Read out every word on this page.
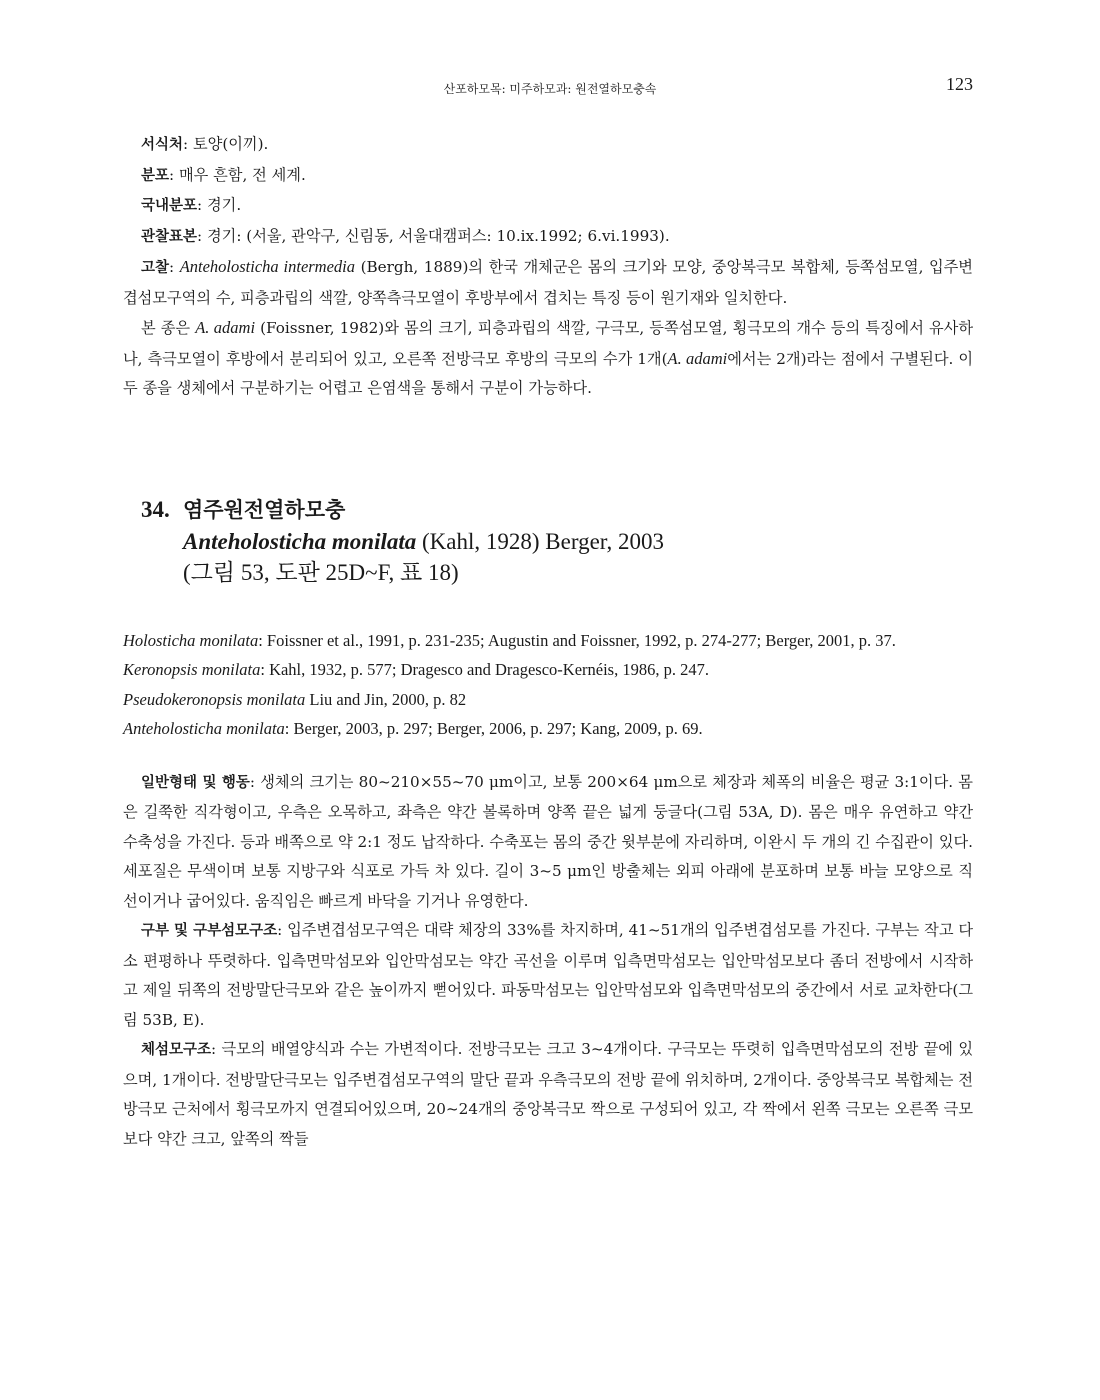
산포하모목: 미주하모과: 원전열하모충속	123

서식처: 토양(이끼).

분포: 매우 흔함, 전 세계.

국내분포: 경기.

관찰표본: 경기: (서울, 관악구, 신림동, 서울대캠퍼스: 10.ix.1992; 6.vi.1993).

고찰: Anteholosticha intermedia (Bergh, 1889)의 한국 개체군은 몸의 크기와 모양, 중앙복극모 복합체, 등쪽섬모열, 입주변겹섬모구역의 수, 피층과립의 색깔, 양쪽측극모열이 후방부에서 겹치는 특징 등이 원기재와 일치한다.

본 종은 A. adami (Foissner, 1982)와 몸의 크기, 피층과립의 색깔, 구극모, 등쪽섬모열, 횡극모의 개수 등의 특징에서 유사하나, 측극모열이 후방에서 분리되어 있고, 오른쪽 전방극모 후방의 극모의 수가 1개(A. adami에서는 2개)라는 점에서 구별된다. 이 두 종을 생체에서 구분하기는 어렵고 은염색을 통해서 구분이 가능하다.

34. 염주원전열하모충
Anteholosticha monilata (Kahl, 1928) Berger, 2003
(그림 53, 도판 25D~F, 표 18)

Holosticha monilata: Foissner et al., 1991, p. 231-235; Augustin and Foissner, 1992, p. 274-277; Berger, 2001, p. 37.

Keronopsis monilata: Kahl, 1932, p. 577; Dragesco and Dragesco-Kernéis, 1986, p. 247.

Pseudokeronopsis monilata Liu and Jin, 2000, p. 82

Anteholosticha monilata: Berger, 2003, p. 297; Berger, 2006, p. 297; Kang, 2009, p. 69.

일반형태 및 행동: 생체의 크기는 80~210×55~70 μm이고, 보통 200×64 μm으로 체장과 체폭의 비율은 평균 3:1이다. 몸은 길쭉한 직각형이고, 우측은 오목하고, 좌측은 약간 볼록하며 양쪽 끝은 넓게 둥글다(그림 53A, D). 몸은 매우 유연하고 약간 수축성을 가진다. 등과 배쪽으로 약 2:1 정도 납작하다. 수축포는 몸의 중간 윗부분에 자리하며, 이완시 두 개의 긴 수집관이 있다. 세포질은 무색이며 보통 지방구와 식포로 가득 차 있다. 길이 3~5 μm인 방출체는 외피 아래에 분포하며 보통 바늘 모양으로 직선이거나 굽어있다. 움직임은 빠르게 바닥을 기거나 유영한다.

구부 및 구부섬모구조: 입주변겹섬모구역은 대략 체장의 33%를 차지하며, 41~51개의 입주변겹섬모를 가진다. 구부는 작고 다소 편평하나 뚜렷하다. 입측면막섬모와 입안막섬모는 약간 곡선을 이루며 입측면막섬모는 입안막섬모보다 좀더 전방에서 시작하고 제일 뒤쪽의 전방말단극모와 같은 높이까지 뻗어있다. 파동막섬모는 입안막섬모와 입측면막섬모의 중간에서 서로 교차한다(그림 53B, E).

체섬모구조: 극모의 배열양식과 수는 가변적이다. 전방극모는 크고 3~4개이다. 구극모는 뚜렷히 입측면막섬모의 전방 끝에 있으며, 1개이다. 전방말단극모는 입주변겹섬모구역의 말단 끝과 우측극모의 전방 끝에 위치하며, 2개이다. 중앙복극모 복합체는 전방극모 근처에서 횡극모까지 연결되어있으며, 20~24개의 중앙복극모 짝으로 구성되어 있고, 각 짝에서 왼쪽 극모는 오른쪽 극모보다 약간 크고, 앞쪽의 짝들
